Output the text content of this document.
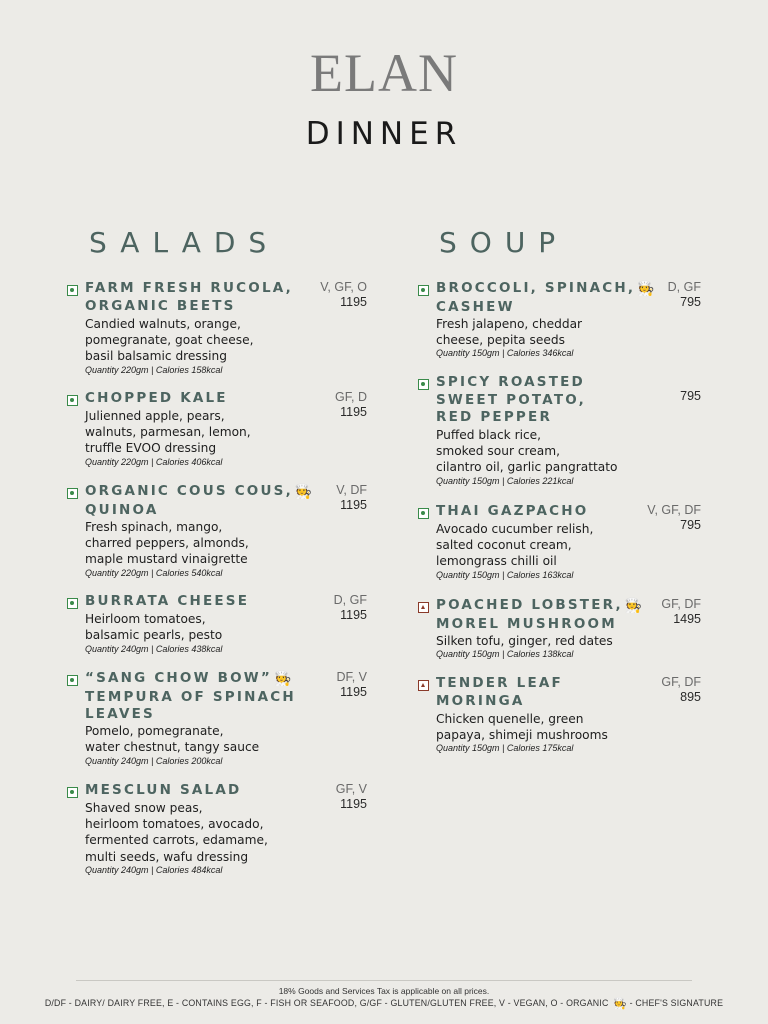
ELAN
DINNER
SALADS	SOUP
FARM FRESH RUCOLA,
ORGANIC BEETS
V, GF, O
1195
Candied walnuts, orange,
pomegranate, goat cheese,
basil balsamic dressing
Quantity 220gm | Calories 158kcal
CHOPPED KALE	GF, D
1195
Julienned apple, pears,
walnuts, parmesan, lemon,
truffle EVOO dressing
Quantity 220gm | Calories 406kcal
ORGANIC COUS COUS, 🧑‍🍳
QUINOA
V, DF
1195
Fresh spinach, mango,
charred peppers, almonds,
maple mustard vinaigrette
Quantity 220gm | Calories 540kcal
BURRATA CHEESE	D, GF
1195
Heirloom tomatoes,
balsamic pearls, pesto
Quantity 240gm | Calories 438kcal
“SANG CHOW BOW” 🧑‍🍳
TEMPURA OF SPINACH
LEAVES
DF, V
1195
Pomelo, pomegranate,
water chestnut, tangy sauce
Quantity 240gm | Calories 200kcal
MESCLUN SALAD	GF, V
1195
Shaved snow peas,
heirloom tomatoes, avocado,
fermented carrots, edamame,
multi seeds, wafu dressing
Quantity 240gm | Calories 484kcal
BROCCOLI, SPINACH, 🧑‍🍳
CASHEW
D, GF
795
Fresh jalapeno, cheddar
cheese, pepita seeds
Quantity 150gm | Calories 346kcal
SPICY ROASTED
SWEET POTATO,
RED PEPPER
795
Puffed black rice,
smoked sour cream,
cilantro oil, garlic pangrattato
Quantity 150gm | Calories 221kcal
THAI GAZPACHO	V, GF, DF
795
Avocado cucumber relish,
salted coconut cream,
lemongrass chilli oil
Quantity 150gm | Calories 163kcal
POACHED LOBSTER, 🧑‍🍳
MOREL MUSHROOM
GF, DF
1495
Silken tofu, ginger, red dates
Quantity 150gm | Calories 138kcal
TENDER LEAF
MORINGA
GF, DF
895
Chicken quenelle, green
papaya, shimeji mushrooms
Quantity 150gm | Calories 175kcal
18% Goods and Services Tax is applicable on all prices.
D/DF - DAIRY/ DAIRY FREE, E - CONTAINS EGG, F - FISH OR SEAFOOD, G/GF - GLUTEN/GLUTEN FREE, V - VEGAN, O - ORGANIC 🧑‍🍳 - CHEF'S SIGNATURE
